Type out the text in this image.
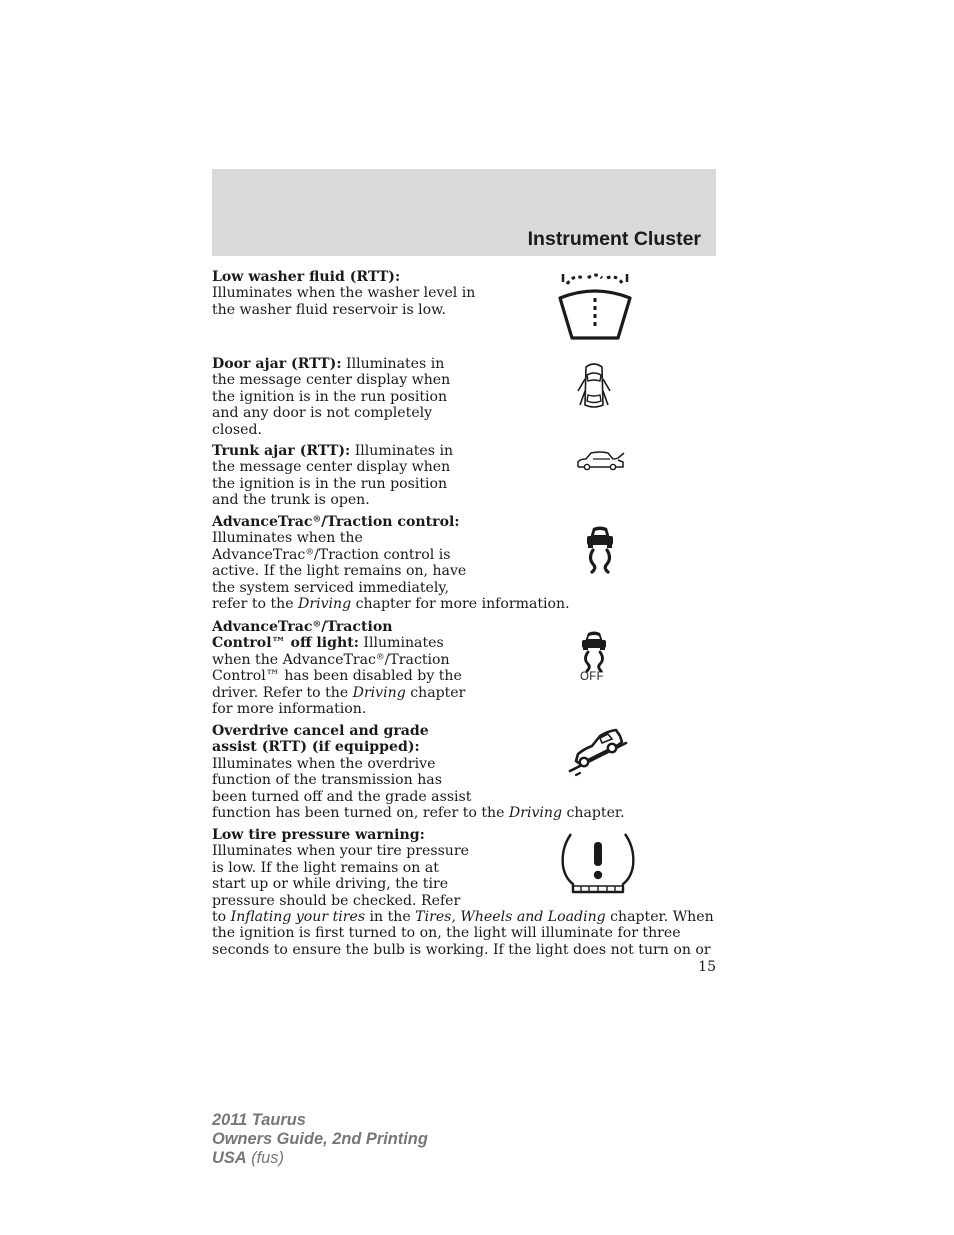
Instrument Cluster
Low washer fluid (RTT):
Illuminates when the washer level in
the washer fluid reservoir is low.
Door ajar (RTT): Illuminates in
the message center display when
the ignition is in the run position
and any door is not completely
closed.
Trunk ajar (RTT): Illuminates in
the message center display when
the ignition is in the run position
and the trunk is open.
AdvanceTrac®/Traction control:
Illuminates when the
AdvanceTrac®/Traction control is
active. If the light remains on, have
the system serviced immediately,
refer to the Driving chapter for more information.
AdvanceTrac®/Traction
Control™ off light: Illuminates
when the AdvanceTrac®/Traction
Control™ has been disabled by the
driver. Refer to the Driving chapter
for more information.
OFF
Overdrive cancel and grade
assist (RTT) (if equipped):
Illuminates when the overdrive
function of the transmission has
been turned off and the grade assist
function has been turned on, refer to the Driving chapter.
Low tire pressure warning:
Illuminates when your tire pressure
is low. If the light remains on at
start up or while driving, the tire
pressure should be checked. Refer
to Inflating your tires in the Tires, Wheels and Loading chapter. When
the ignition is first turned to on, the light will illuminate for three
seconds to ensure the bulb is working. If the light does not turn on or
15
2011 Taurus
Owners Guide, 2nd Printing
USA (fus)
